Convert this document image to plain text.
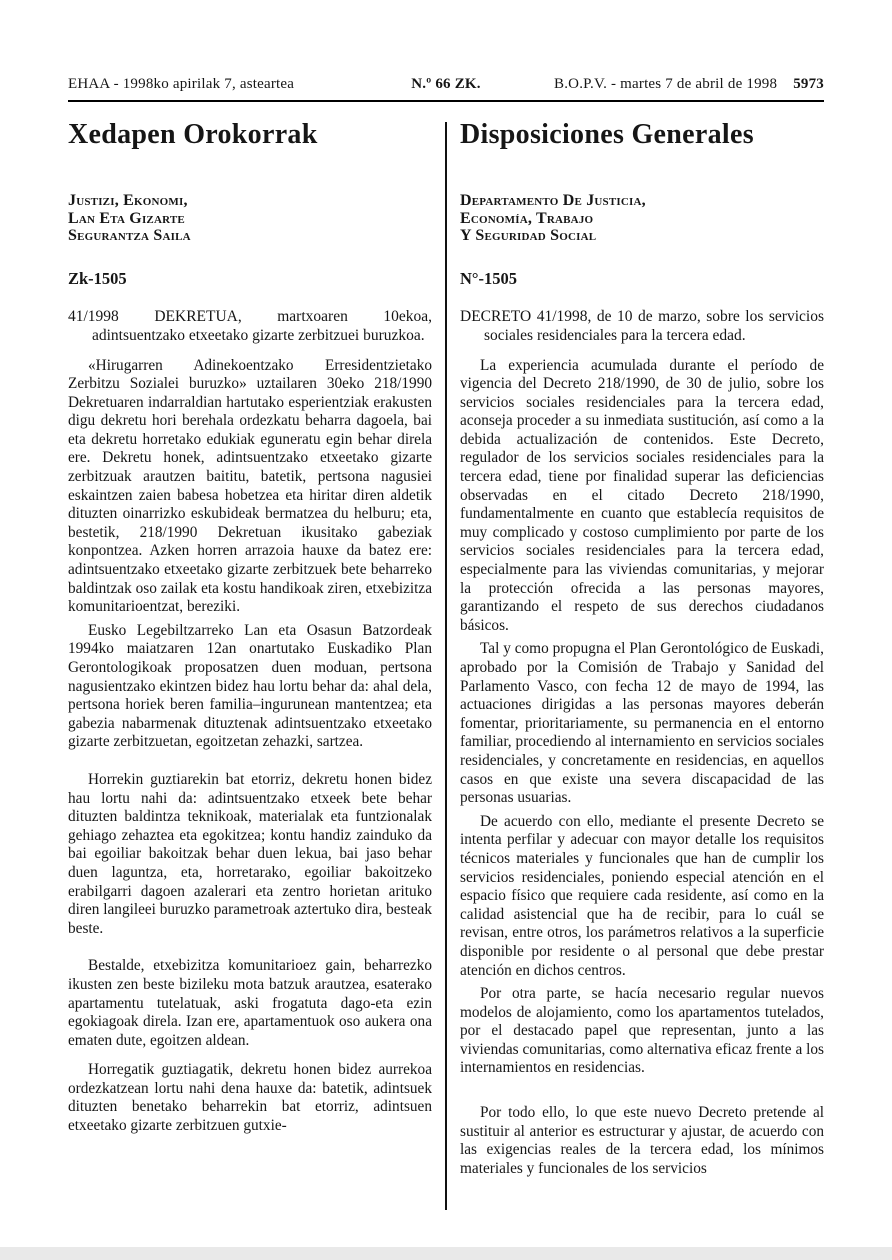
EHAA - 1998ko apirilak 7, asteartea	N.º 66 ZK.	B.O.P.V. - martes 7 de abril de 1998 5973
Xedapen Orokorrak
Justizi, Ekonomi,
Lan Eta Gizarte
Segurantza Saila
Zk-1505
41/1998 DEKRETUA, martxoaren 10ekoa, adintsuentzako etxeetako gizarte zerbitzuei buruzkoa.

«Hirugarren Adinekoentzako Erresidentzietako Zerbitzu Sozialei buruzko» uztailaren 30eko 218/1990 Dekretuaren indarraldian hartutako esperientziak erakusten digu dekretu hori berehala ordezkatu beharra dagoela, bai eta dekretu horretako edukiak eguneratu egin behar direla ere. Dekretu honek, adintsuentzako etxeetako gizarte zerbitzuak arautzen baititu, batetik, pertsona nagusiei eskaintzen zaien babesa hobetzea eta hiritar diren aldetik dituzten oinarrizko eskubideak bermatzea du helburu; eta, bestetik, 218/1990 Dekretuan ikusitako gabeziak konpontzea. Azken horren arrazoia hauxe da batez ere: adintsuentzako etxeetako gizarte zerbitzuek bete beharreko baldintzak oso zailak eta kostu handikoak ziren, etxebizitza komunitarioentzat, bereziki.

Eusko Legebiltzarreko Lan eta Osasun Batzordeak 1994ko maiatzaren 12an onartutako Euskadiko Plan Gerontologikoak proposatzen duen moduan, pertsona nagusientzako ekintzen bidez hau lortu behar da: ahal dela, pertsona horiek beren familia–ingurunean mantentzea; eta gabezia nabarmenak dituztenak adintsuentzako etxeetako gizarte zerbitzuetan, egoitzetan zehazki, sartzea.

Horrekin guztiarekin bat etorriz, dekretu honen bidez hau lortu nahi da: adintsuentzako etxeek bete behar dituzten baldintza teknikoak, materialak eta funtzionalak gehiago zehaztea eta egokitzea; kontu handiz zainduko da bai egoiliar bakoitzak behar duen lekua, bai jaso behar duen laguntza, eta, horretarako, egoiliar bakoitzeko erabilgarri dagoen azalerari eta zentro horietan arituko diren langileei buruzko parametroak aztertuko dira, besteak beste.

Bestalde, etxebizitza komunitarioez gain, beharrezko ikusten zen beste bizileku mota batzuk arautzea, esaterako apartamentu tutelatuak, aski frogatuta dago-eta ezin egokiagoak direla. Izan ere, apartamentuok oso aukera ona ematen dute, egoitzen aldean.

Horregatik guztiagatik, dekretu honen bidez aurrekoa ordezkatzean lortu nahi dena hauxe da: batetik, adintsuek dituzten benetako beharrekin bat etorriz, adintsuen etxeetako gizarte zerbitzuen gutxie-

Disposiciones Generales
Departamento De Justicia,
Economía, Trabajo
Y Seguridad Social
N°-1505
DECRETO 41/1998, de 10 de marzo, sobre los servicios sociales residenciales para la tercera edad.

La experiencia acumulada durante el período de vigencia del Decreto 218/1990, de 30 de julio, sobre los servicios sociales residenciales para la tercera edad, aconseja proceder a su inmediata sustitución, así como a la debida actualización de contenidos. Este Decreto, regulador de los servicios sociales residenciales para la tercera edad, tiene por finalidad superar las deficiencias observadas en el citado Decreto 218/1990, fundamentalmente en cuanto que establecía requisitos de muy complicado y costoso cumplimiento por parte de los servicios sociales residenciales para la tercera edad, especialmente para las viviendas comunitarias, y mejorar la protección ofrecida a las personas mayores, garantizando el respeto de sus derechos ciudadanos básicos.

Tal y como propugna el Plan Gerontológico de Euskadi, aprobado por la Comisión de Trabajo y Sanidad del Parlamento Vasco, con fecha 12 de mayo de 1994, las actuaciones dirigidas a las personas mayores deberán fomentar, prioritariamente, su permanencia en el entorno familiar, procediendo al internamiento en servicios sociales residenciales, y concretamente en residencias, en aquellos casos en que existe una severa discapacidad de las personas usuarias.

De acuerdo con ello, mediante el presente Decreto se intenta perfilar y adecuar con mayor detalle los requisitos técnicos materiales y funcionales que han de cumplir los servicios residenciales, poniendo especial atención en el espacio físico que requiere cada residente, así como en la calidad asistencial que ha de recibir, para lo cuál se revisan, entre otros, los parámetros relativos a la superficie disponible por residente o al personal que debe prestar atención en dichos centros.

Por otra parte, se hacía necesario regular nuevos modelos de alojamiento, como los apartamentos tutelados, por el destacado papel que representan, junto a las viviendas comunitarias, como alternativa eficaz frente a los internamientos en residencias.

Por todo ello, lo que este nuevo Decreto pretende al sustituir al anterior es estructurar y ajustar, de acuerdo con las exigencias reales de la tercera edad, los mínimos materiales y funcionales de los servicios
